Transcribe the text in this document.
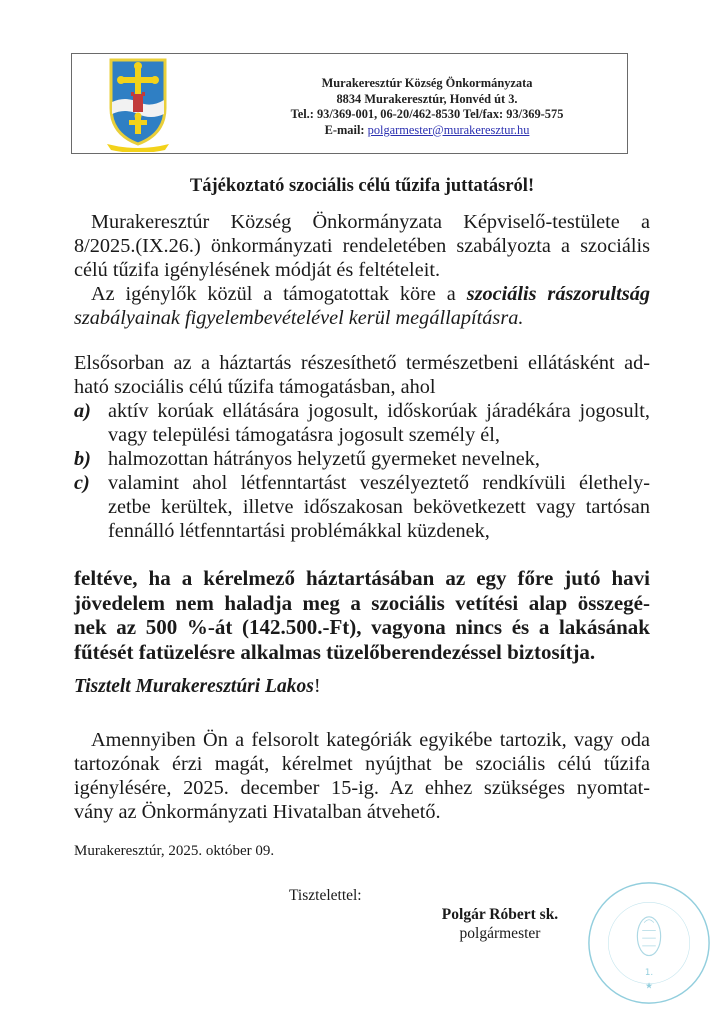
Murakeresztúr Község Önkormányzata
8834 Murakeresztúr, Honvéd út 3.
Tel.: 93/369-001, 06-20/462-8530 Tel/fax: 93/369-575
E-mail: polgarmester@murakeresztur.hu
Tájékoztató szociális célú tűzifa juttatásról!
Murakeresztúr Község Önkormányzata Képviselő-testülete a
8/2025.(IX.26.) önkormányzati rendeletében szabályozta a szociális
célú tűzifa igénylésének módját és feltételeit.
Az igénylők közül a támogatottak köre a szociális rászorultság
szabályainak figyelembevételével kerül megállapításra.
Elsősorban az a háztartás részesíthető természetbeni ellátásként ad-
ható szociális célú tűzifa támogatásban, ahol
a) aktív korúak ellátására jogosult, időskorúak járadékára jogosult,
vagy települési támogatásra jogosult személy él,
b) halmozottan hátrányos helyzetű gyermeket nevelnek,
c) valamint ahol létfenntartást veszélyeztető rendkívüli élethely-
zetbe kerültek, illetve időszakosan bekövetkezett vagy tartósan
fennálló létfenntartási problémákkal küzdenek,
feltéve, ha a kérelmező háztartásában az egy főre jutó havi
jövedelem nem haladja meg a szociális vetítési alap összegé-
nek az 500 %-át (142.500.-Ft), vagyona nincs és a lakásának
fűtését fatüzelésre alkalmas tüzelőberendezéssel biztosítja.
Tisztelt Murakeresztúri Lakos!
Amennyiben Ön a felsorolt kategóriák egyikébe tartozik, vagy oda
tartozónak érzi magát, kérelmet nyújthat be szociális célú tűzifa
igénylésére, 2025. december 15-ig. Az ehhez szükséges nyomtat-
vány az Önkormányzati Hivatalban átvehető.
Murakeresztúr, 2025. október 09.
Tisztelettel:
Polgár Róbert sk.
polgármester
1.
★
